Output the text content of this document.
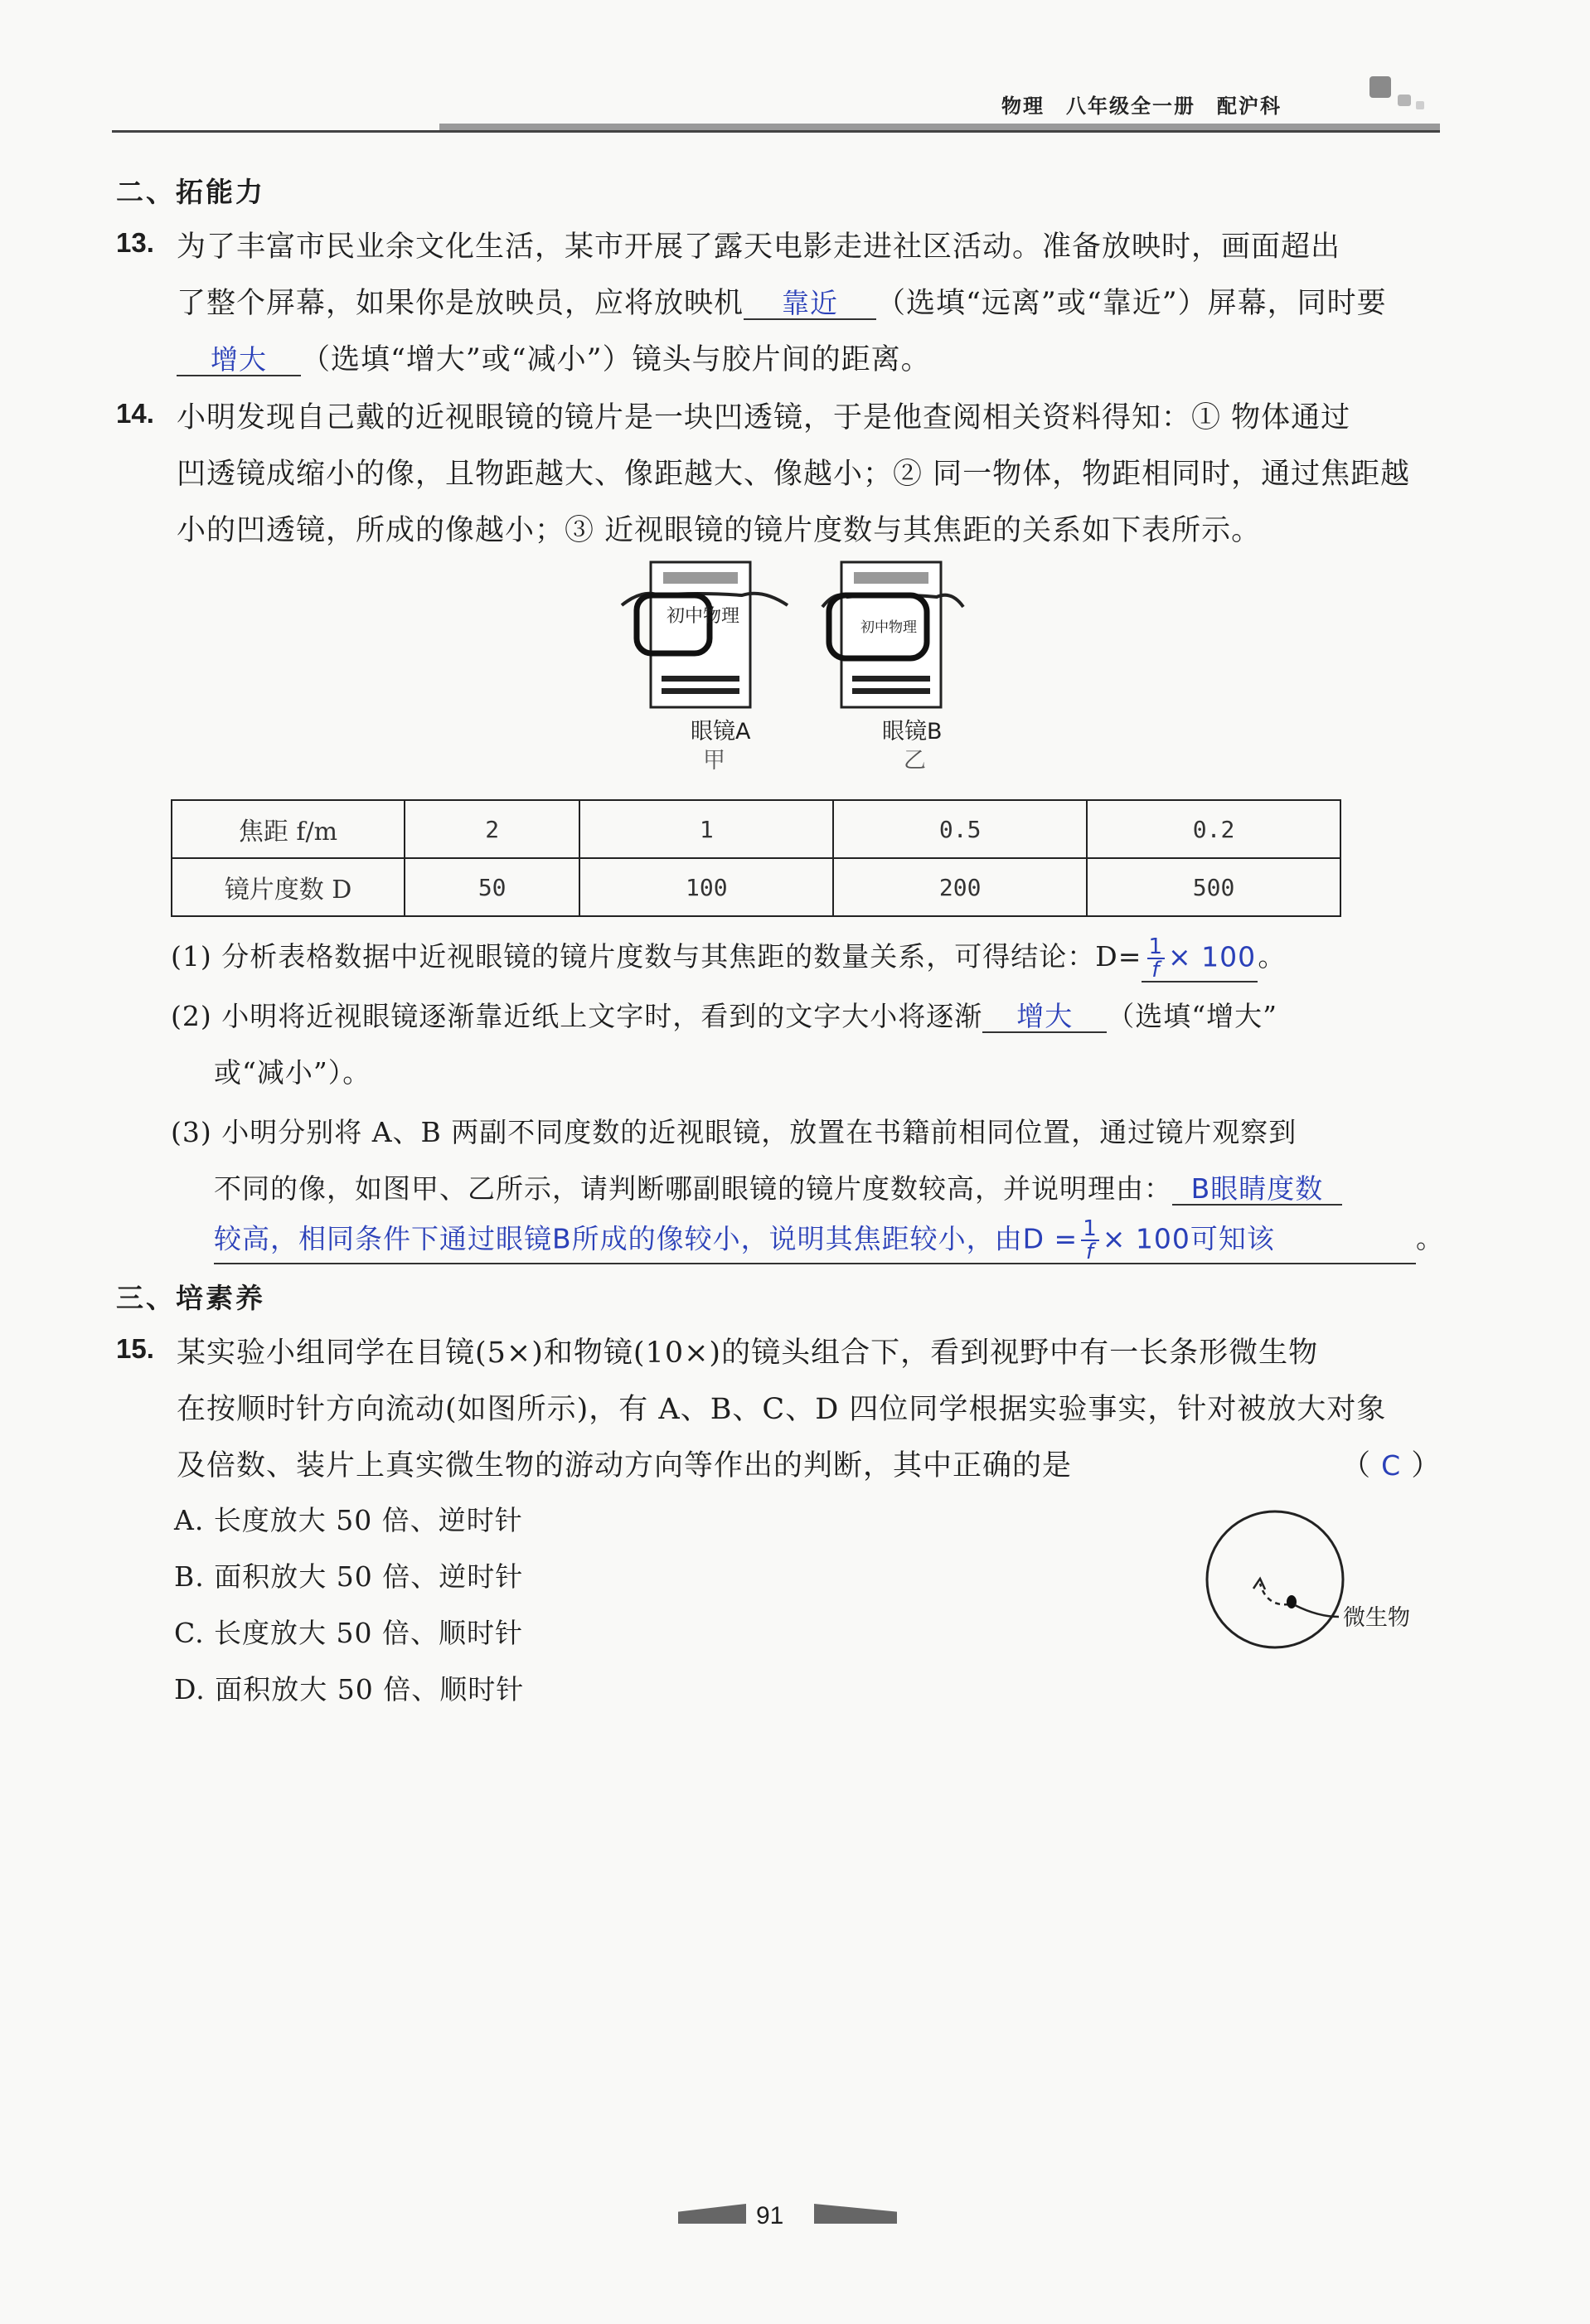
物理 八年级全一册 配沪科
二、拓能力
13. 为了丰富市民业余文化生活，某市开展了露天电影走进社区活动。准备放映时，画面超出
了整个屏幕，如果你是放映员，应将放映机 靠近 （选填“远离”或“靠近”）屏幕，同时要
增大 （选填“增大”或“减小”）镜头与胶片间的距离。
14. 小明发现自己戴的近视眼镜的镜片是一块凹透镜，于是他查阅相关资料得知：① 物体通过
凹透镜成缩小的像，且物距越大、像距越大、像越小；② 同一物体，物距相同时，通过焦距越
小的凹透镜，所成的像越小；③ 近视眼镜的镜片度数与其焦距的关系如下表所示。
初中物理
初中物理
眼镜A
甲
眼镜B
乙
焦距 f/m	2	1	0.5	0.2
镜片度数 D	50	100	200	500
(1) 分析表格数据中近视眼镜的镜片度数与其焦距的数量关系，可得结论：$D= \frac{1}{f} \times 100$。
(2) 小明将近视眼镜逐渐靠近纸上文字时，看到的文字大小将逐渐 增大 （选填“增大”
或“减小”）。
(3) 小明分别将 A、B 两副不同度数的近视眼镜，放置在书籍前相同位置，通过镜片观察到
不同的像，如图甲、乙所示，请判断哪副眼镜的镜片度数较高，并说明理由： B眼睛度数
较高，相同条件下通过眼镜B所成的像较小，说明其焦距较小，由$D = \frac{1}{f} \times 100$可知该	。
三、培素养
15. 某实验小组同学在目镜(5×)和物镜(10×)的镜头组合下，看到视野中有一长条形微生物
在按顺时针方向流动(如图所示)，有 A、B、C、D 四位同学根据实验事实，针对被放大对象
及倍数、装片上真实微生物的游动方向等作出的判断，其中正确的是	（ C ）
A. 长度放大 50 倍、逆时针
B. 面积放大 50 倍、逆时针
C. 长度放大 50 倍、顺时针
D. 面积放大 50 倍、顺时针
微生物
91
